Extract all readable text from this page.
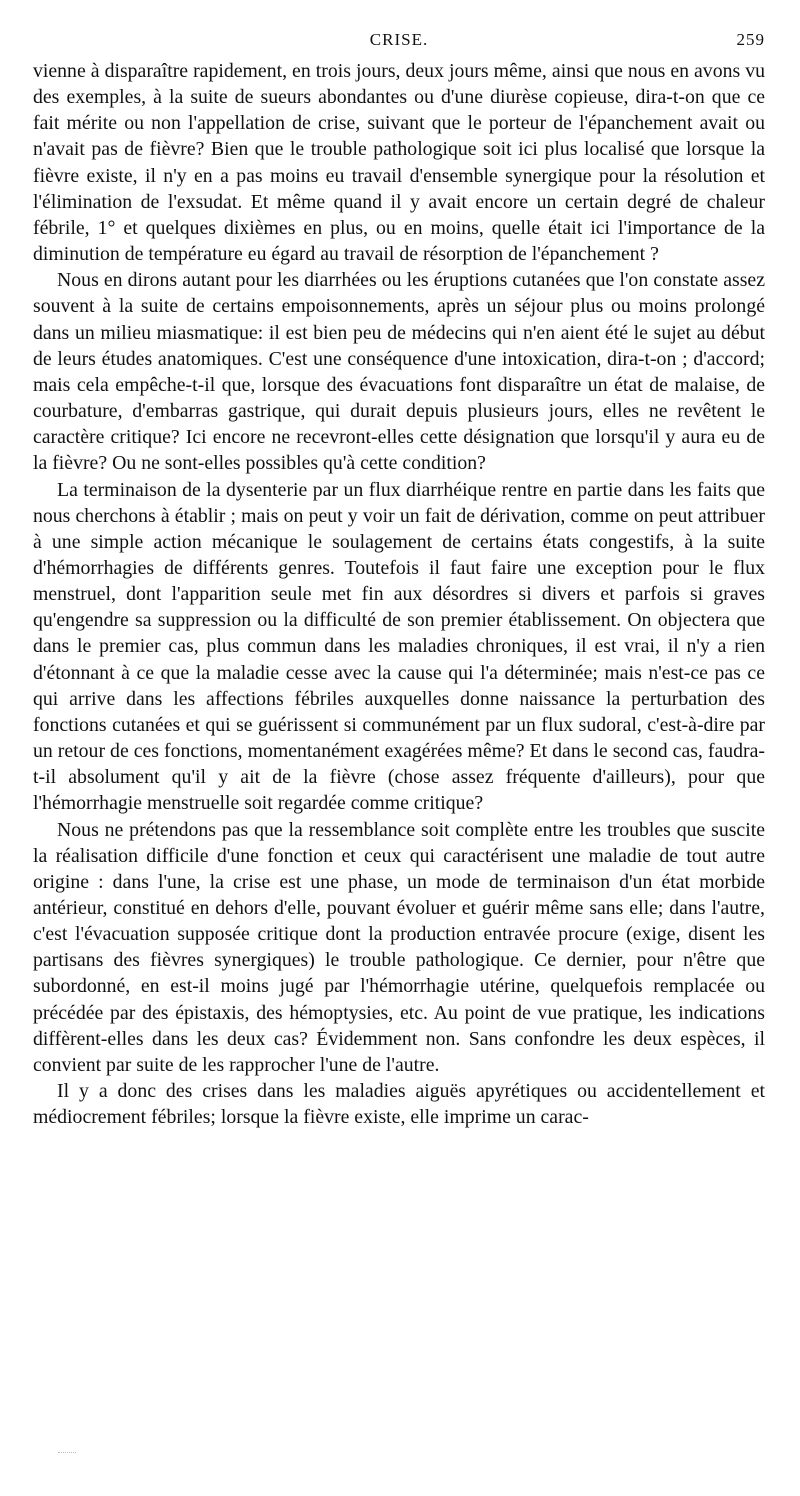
CRISE.	259

vienne à disparaître rapidement, en trois jours, deux jours même, ainsi que nous en avons vu des exemples, à la suite de sueurs abondantes ou d'une diurèse copieuse, dira-t-on que ce fait mérite ou non l'appellation de crise, suivant que le porteur de l'épanchement avait ou n'avait pas de fièvre? Bien que le trouble pathologique soit ici plus localisé que lorsque la fièvre existe, il n'y en a pas moins eu travail d'ensemble synergique pour la résolution et l'élimination de l'exsudat. Et même quand il y avait encore un certain degré de chaleur fébrile, 1° et quelques dixièmes en plus, ou en moins, quelle était ici l'importance de la diminution de température eu égard au travail de résorption de l'épanchement ?

Nous en dirons autant pour les diarrhées ou les éruptions cutanées que l'on constate assez souvent à la suite de certains empoisonnements, après un séjour plus ou moins prolongé dans un milieu miasmatique: il est bien peu de médecins qui n'en aient été le sujet au début de leurs études anatomiques. C'est une conséquence d'une intoxication, dira-t-on ; d'accord; mais cela empêche-t-il que, lorsque des évacuations font disparaître un état de malaise, de courbature, d'embarras gastrique, qui durait depuis plusieurs jours, elles ne revêtent le caractère critique? Ici encore ne recevront-elles cette désignation que lorsqu'il y aura eu de la fièvre? Ou ne sont-elles possibles qu'à cette condition?

La terminaison de la dysenterie par un flux diarrhéique rentre en partie dans les faits que nous cherchons à établir ; mais on peut y voir un fait de dérivation, comme on peut attribuer à une simple action mécanique le soulagement de certains états congestifs, à la suite d'hémorrhagies de différents genres. Toutefois il faut faire une exception pour le flux menstruel, dont l'apparition seule met fin aux désordres si divers et parfois si graves qu'engendre sa suppression ou la difficulté de son premier établissement. On objectera que dans le premier cas, plus commun dans les maladies chroniques, il est vrai, il n'y a rien d'étonnant à ce que la maladie cesse avec la cause qui l'a déterminée; mais n'est-ce pas ce qui arrive dans les affections fébriles auxquelles donne naissance la perturbation des fonctions cutanées et qui se guérissent si communément par un flux sudoral, c'est-à-dire par un retour de ces fonctions, momentanément exagérées même? Et dans le second cas, faudra-t-il absolument qu'il y ait de la fièvre (chose assez fréquente d'ailleurs), pour que l'hémorrhagie menstruelle soit regardée comme critique?

Nous ne prétendons pas que la ressemblance soit complète entre les troubles que suscite la réalisation difficile d'une fonction et ceux qui caractérisent une maladie de tout autre origine : dans l'une, la crise est une phase, un mode de terminaison d'un état morbide antérieur, constitué en dehors d'elle, pouvant évoluer et guérir même sans elle; dans l'autre, c'est l'évacuation supposée critique dont la production entravée procure (exige, disent les partisans des fièvres synergiques) le trouble pathologique. Ce dernier, pour n'être que subordonné, en est-il moins jugé par l'hémorrhagie utérine, quelquefois remplacée ou précédée par des épistaxis, des hémoptysies, etc. Au point de vue pratique, les indications diffèrent-elles dans les deux cas? Évidemment non. Sans confondre les deux espèces, il convient par suite de les rapprocher l'une de l'autre.

Il y a donc des crises dans les maladies aiguës apyrétiques ou accidentellement et médiocrement fébriles; lorsque la fièvre existe, elle imprime un carac-
